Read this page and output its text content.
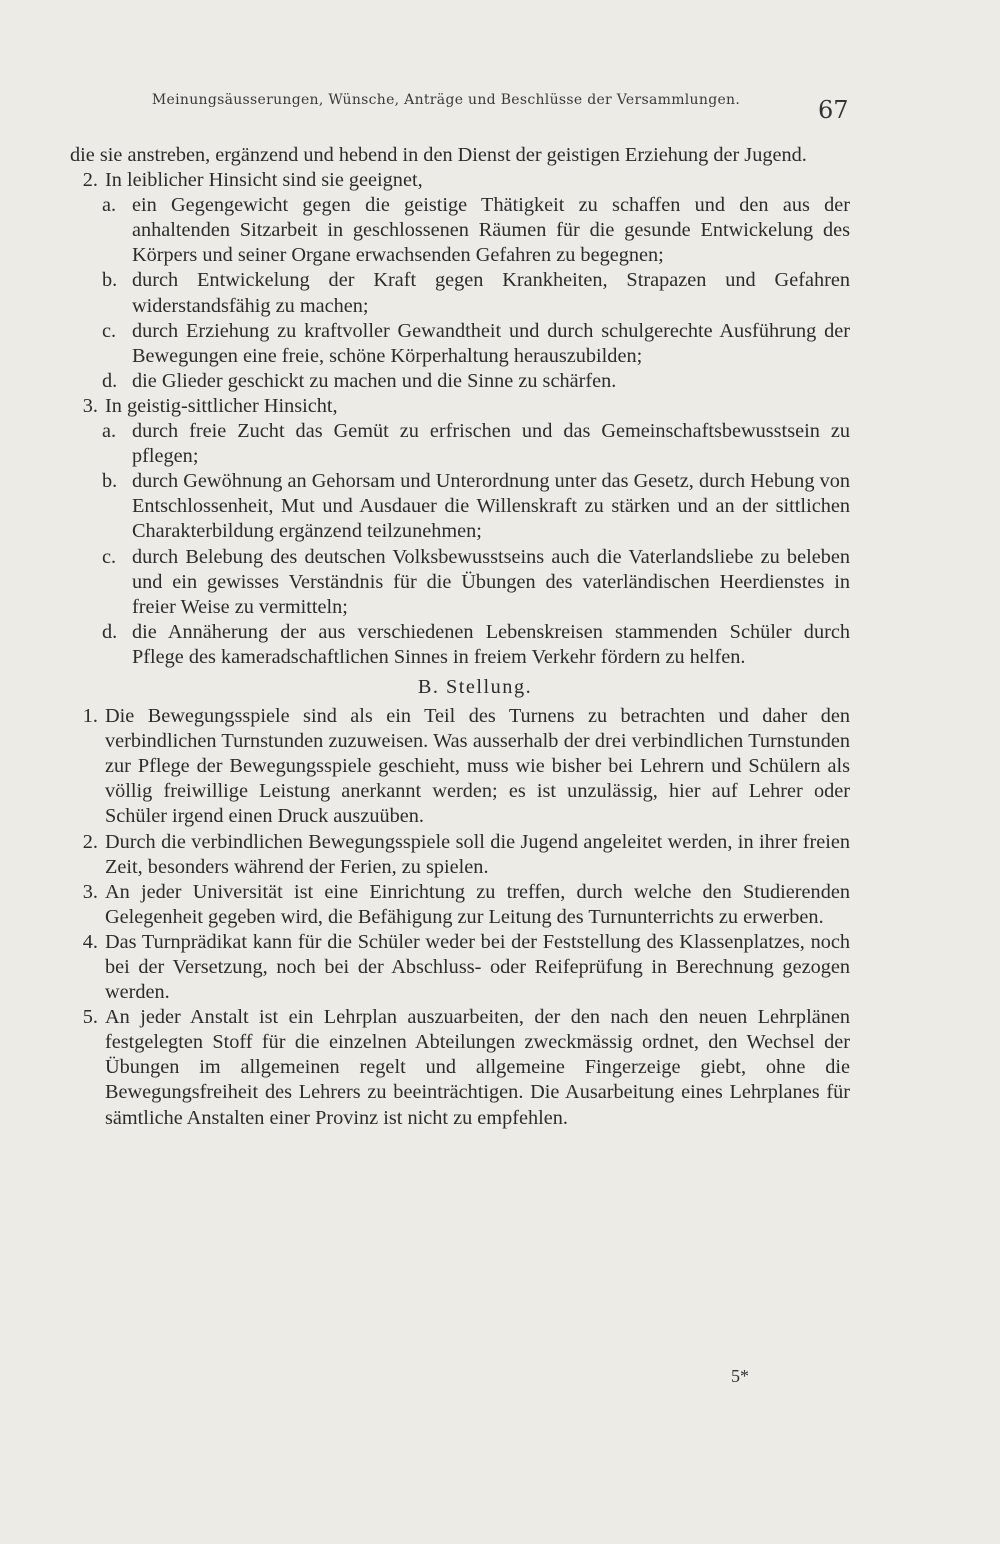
Meinungsäusserungen, Wünsche, Anträge und Beschlüsse der Versammlungen.	67
die sie anstreben, ergänzend und hebend in den Dienst der geistigen Erziehung der Jugend.
2. In leiblicher Hinsicht sind sie geeignet,
a. ein Gegengewicht gegen die geistige Thätigkeit zu schaffen und den aus der anhaltenden Sitzarbeit in geschlossenen Räumen für die gesunde Entwickelung des Körpers und seiner Organe erwachsenden Gefahren zu begegnen;
b. durch Entwickelung der Kraft gegen Krankheiten, Strapazen und Gefahren widerstandsfähig zu machen;
c. durch Erziehung zu kraftvoller Gewandtheit und durch schulgerechte Ausführung der Bewegungen eine freie, schöne Körperhaltung herauszubilden;
d. die Glieder geschickt zu machen und die Sinne zu schärfen.
3. In geistig-sittlicher Hinsicht,
a. durch freie Zucht das Gemüt zu erfrischen und das Gemeinschaftsbewusstsein zu pflegen;
b. durch Gewöhnung an Gehorsam und Unterordnung unter das Gesetz, durch Hebung von Entschlossenheit, Mut und Ausdauer die Willenskraft zu stärken und an der sittlichen Charakterbildung ergänzend teilzunehmen;
c. durch Belebung des deutschen Volksbewusstseins auch die Vaterlandsliebe zu beleben und ein gewisses Verständnis für die Übungen des vaterländischen Heerdienstes in freier Weise zu vermitteln;
d. die Annäherung der aus verschiedenen Lebenskreisen stammenden Schüler durch Pflege des kameradschaftlichen Sinnes in freiem Verkehr fördern zu helfen.
B. Stellung.
1. Die Bewegungsspiele sind als ein Teil des Turnens zu betrachten und daher den verbindlichen Turnstunden zuzuweisen. Was ausserhalb der drei verbindlichen Turnstunden zur Pflege der Bewegungsspiele geschieht, muss wie bisher bei Lehrern und Schülern als völlig freiwillige Leistung anerkannt werden; es ist unzulässig, hier auf Lehrer oder Schüler irgend einen Druck auszuüben.
2. Durch die verbindlichen Bewegungsspiele soll die Jugend angeleitet werden, in ihrer freien Zeit, besonders während der Ferien, zu spielen.
3. An jeder Universität ist eine Einrichtung zu treffen, durch welche den Studierenden Gelegenheit gegeben wird, die Befähigung zur Leitung des Turnunterrichts zu erwerben.
4. Das Turnprädikat kann für die Schüler weder bei der Feststellung des Klassenplatzes, noch bei der Versetzung, noch bei der Abschluss- oder Reifeprüfung in Berechnung gezogen werden.
5. An jeder Anstalt ist ein Lehrplan auszuarbeiten, der den nach den neuen Lehrplänen festgelegten Stoff für die einzelnen Abteilungen zweckmässig ordnet, den Wechsel der Übungen im allgemeinen regelt und allgemeine Fingerzeige giebt, ohne die Bewegungsfreiheit des Lehrers zu beeinträchtigen. Die Ausarbeitung eines Lehrplanes für sämtliche Anstalten einer Provinz ist nicht zu empfehlen.
5*
